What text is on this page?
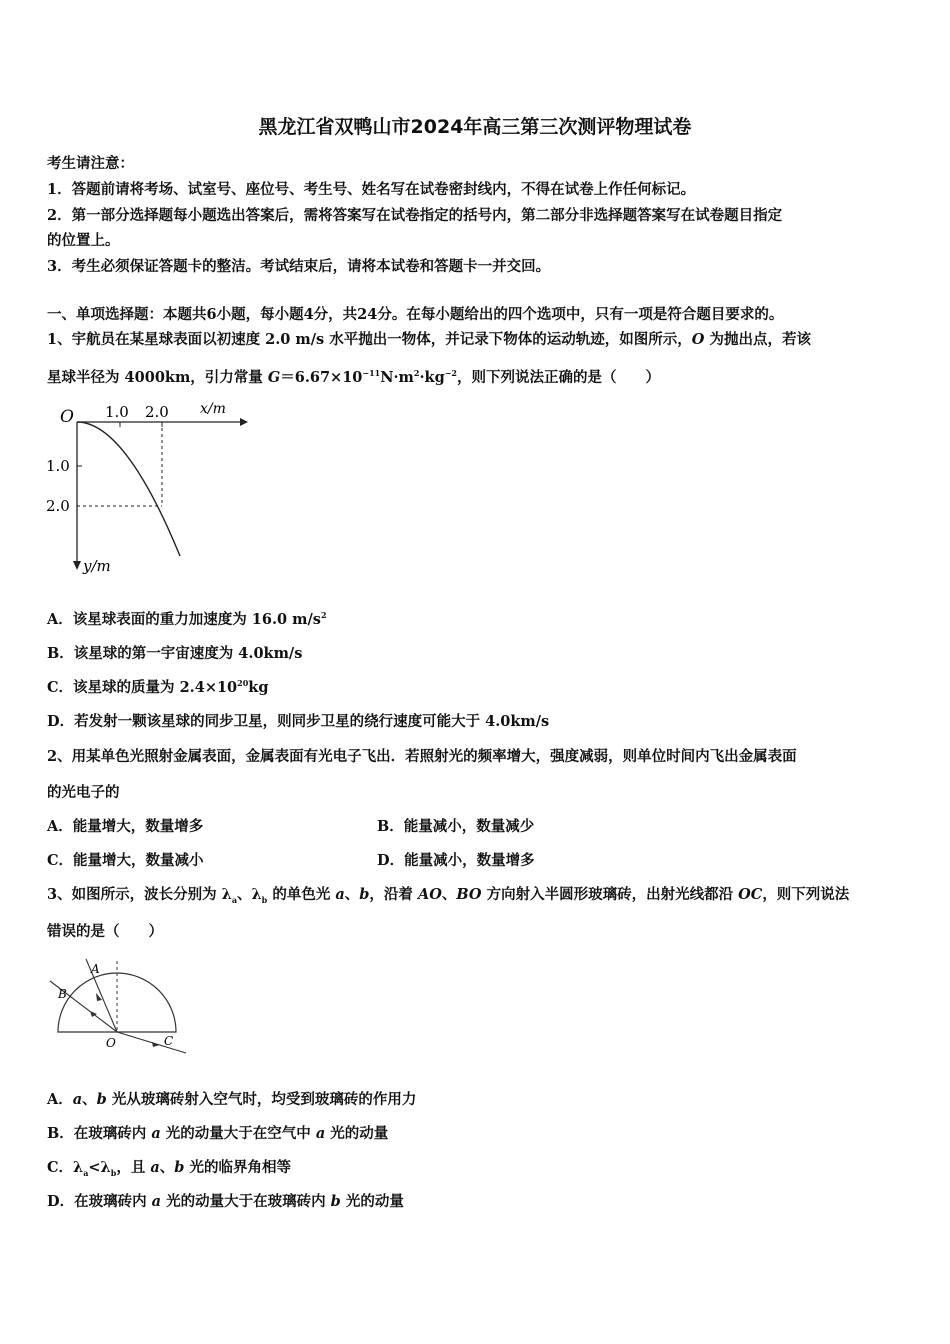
黑龙江省双鸭山市2024年高三第三次测评物理试卷
考生请注意：
1．答题前请将考场、试室号、座位号、考生号、姓名写在试卷密封线内，不得在试卷上作任何标记。
2．第一部分选择题每小题选出答案后，需将答案写在试卷指定的括号内，第二部分非选择题答案写在试卷题目指定
的位置上。
3．考生必须保证答题卡的整洁。考试结束后，请将本试卷和答题卡一并交回。
一、单项选择题：本题共6小题，每小题4分，共24分。在每小题给出的四个选项中，只有一项是符合题目要求的。
1、宇航员在某星球表面以初速度 2.0 m/s 水平抛出一物体，并记录下物体的运动轨迹，如图所示，O 为抛出点，若该
星球半径为 4000km，引力常量 $G=6.67\times 10^{-11}N\cdot m^2\cdot kg^{-2}$，则下列说法正确的是（　　）
O 1.0 2.0 x/m
1.0
2.0
y/m
A．该星球表面的重力加速度为 16.0 $m/s^2$
B．该星球的第一宇宙速度为 4.0km/s
C．该星球的质量为 $2.4\times 10^{20}kg$
D．若发射一颗该星球的同步卫星，则同步卫星的绕行速度可能大于 4.0km/s
2、用某单色光照射金属表面，金属表面有光电子飞出．若照射光的频率增大，强度减弱，则单位时间内飞出金属表面
的光电子的
A．能量增大，数量增多	B．能量减小，数量减少
C．能量增大，数量减小	D．能量减小，数量增多
3、如图所示，波长分别为 $\lambda_a$、$\lambda_b$ 的单色光 a、b，沿着 AO、BO 方向射入半圆形玻璃砖，出射光线都沿 OC，则下列说法
错误的是（　　）
A
B
O	C
A．a、b 光从玻璃砖射入空气时，均受到玻璃砖的作用力
B．在玻璃砖内 a 光的动量大于在空气中 a 光的动量
C．$\lambda_a<\lambda_b$，且 a、b 光的临界角相等
D．在玻璃砖内 a 光的动量大于在玻璃砖内 b 光的动量
